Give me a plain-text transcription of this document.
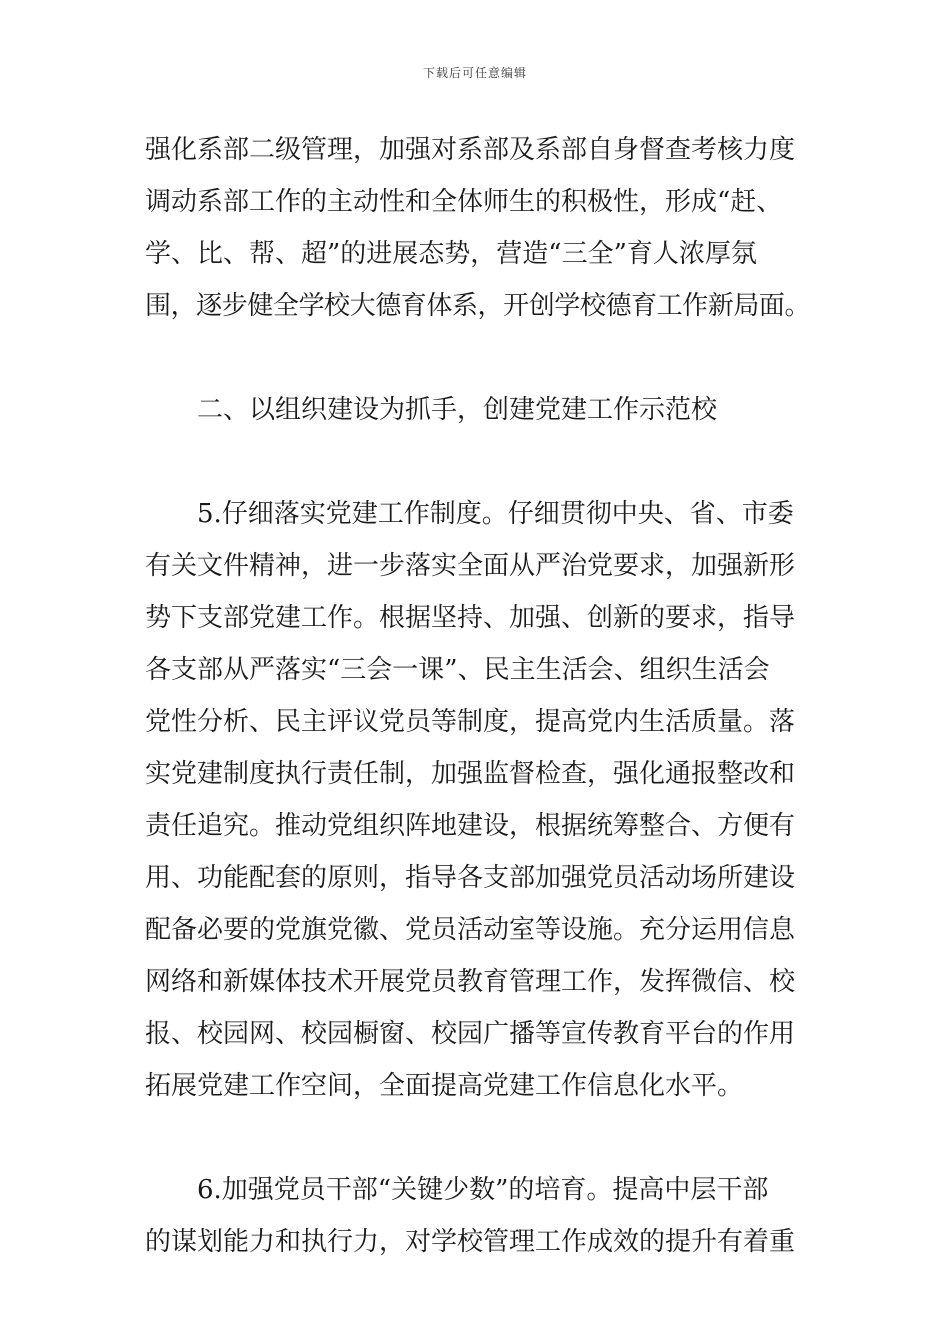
下载后可任意编辑
强化系部二级管理，加强对系部及系部自身督查考核力度
调动系部工作的主动性和全体师生的积极性，形成“赶、
学、比、帮、超”的进展态势，营造“三全”育人浓厚氛
围，逐步健全学校大德育体系，开创学校德育工作新局面。
二、以组织建设为抓手，创建党建工作示范校
5.仔细落实党建工作制度。仔细贯彻中央、省、市委
有关文件精神，进一步落实全面从严治党要求，加强新形
势下支部党建工作。根据坚持、加强、创新的要求，指导
各支部从严落实“三会一课”、民主生活会、组织生活会
党性分析、民主评议党员等制度，提高党内生活质量。落
实党建制度执行责任制，加强监督检查，强化通报整改和
责任追究。推动党组织阵地建设，根据统筹整合、方便有
用、功能配套的原则，指导各支部加强党员活动场所建设
配备必要的党旗党徽、党员活动室等设施。充分运用信息
网络和新媒体技术开展党员教育管理工作，发挥微信、校
报、校园网、校园橱窗、校园广播等宣传教育平台的作用
拓展党建工作空间，全面提高党建工作信息化水平。
6.加强党员干部“关键少数”的培育。提高中层干部
的谋划能力和执行力，对学校管理工作成效的提升有着重
